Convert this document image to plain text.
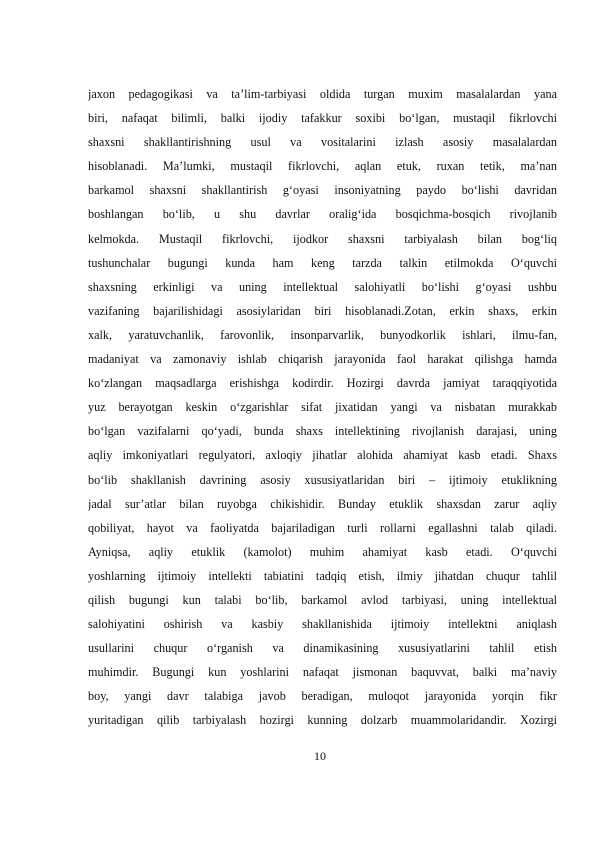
jaxon pedagogikasi va ta’lim-tarbiyasi oldida turgan muxim masalalardan yana
biri, nafaqat bilimli, balki ijodiy tafakkur soxibi bo‘lgan, mustaqil fikrlovchi
shaxsni shakllantirishning usul va vositalarini izlash asosiy masalalardan
hisoblanadi. Ma’lumki, mustaqil fikrlovchi, aqlan etuk, ruxan tetik, ma’nan
barkamol shaxsni shakllantirish g‘oyasi insoniyatning paydo bo‘lishi davridan
boshlangan bo‘lib, u shu davrlar oralig‘ida bosqichma-bosqich rivojlanib
kelmokda. Mustaqil fikrlovchi, ijodkor shaxsni tarbiyalash bilan bog‘liq
tushunchalar bugungi kunda ham keng tarzda talkin etilmokda O‘quvchi
shaxsning erkinligi va uning intellektual salohiyatli bo‘lishi g‘oyasi ushbu
vazifaning bajarilishidagi asosiylaridan biri hisoblanadi.Zotan, erkin shaxs, erkin
xalk, yaratuvchanlik, farovonlik, insonparvarlik, bunyodkorlik ishlari, ilmu-fan,
madaniyat va zamonaviy ishlab chiqarish jarayonida faol harakat qilishga hamda
ko‘zlangan maqsadlarga erishishga kodirdir. Hozirgi davrda jamiyat taraqqiyotida
yuz berayotgan keskin o‘zgarishlar sifat jixatidan yangi va nisbatan murakkab
bo‘lgan vazifalarni qo‘yadi, bunda shaxs intellektining rivojlanish darajasi, uning
aqliy imkoniyatlari regulyatori, axloqiy jihatlar alohida ahamiyat kasb etadi. Shaxs
bo‘lib shakllanish davrining asosiy xususiyatlaridan biri – ijtimoiy etuklikning
jadal sur’atlar bilan ruyobga chikishidir. Bunday etuklik shaxsdan zarur aqliy
qobiliyat, hayot va faoliyatda bajariladigan turli rollarni egallashni talab qiladi.
Ayniqsa, aqliy etuklik (kamolot) muhim ahamiyat kasb etadi. O‘quvchi
yoshlarning ijtimoiy intellekti tabiatini tadqiq etish, ilmiy jihatdan chuqur tahlil
qilish bugungi kun talabi bo‘lib, barkamol avlod tarbiyasi, uning intellektual
salohiyatini oshirish va kasbiy shakllanishida ijtimoiy intellektni aniqlash
usullarini chuqur o‘rganish va dinamikasining xususiyatlarini tahlil etish
muhimdir. Bugungi kun yoshlarini nafaqat jismonan baquvvat, balki ma’naviy
boy, yangi davr talabiga javob beradigan, muloqot jarayonida yorqin fikr
yuritadigan qilib tarbiyalash hozirgi kunning dolzarb muammolaridandir. Xozirgi
10
